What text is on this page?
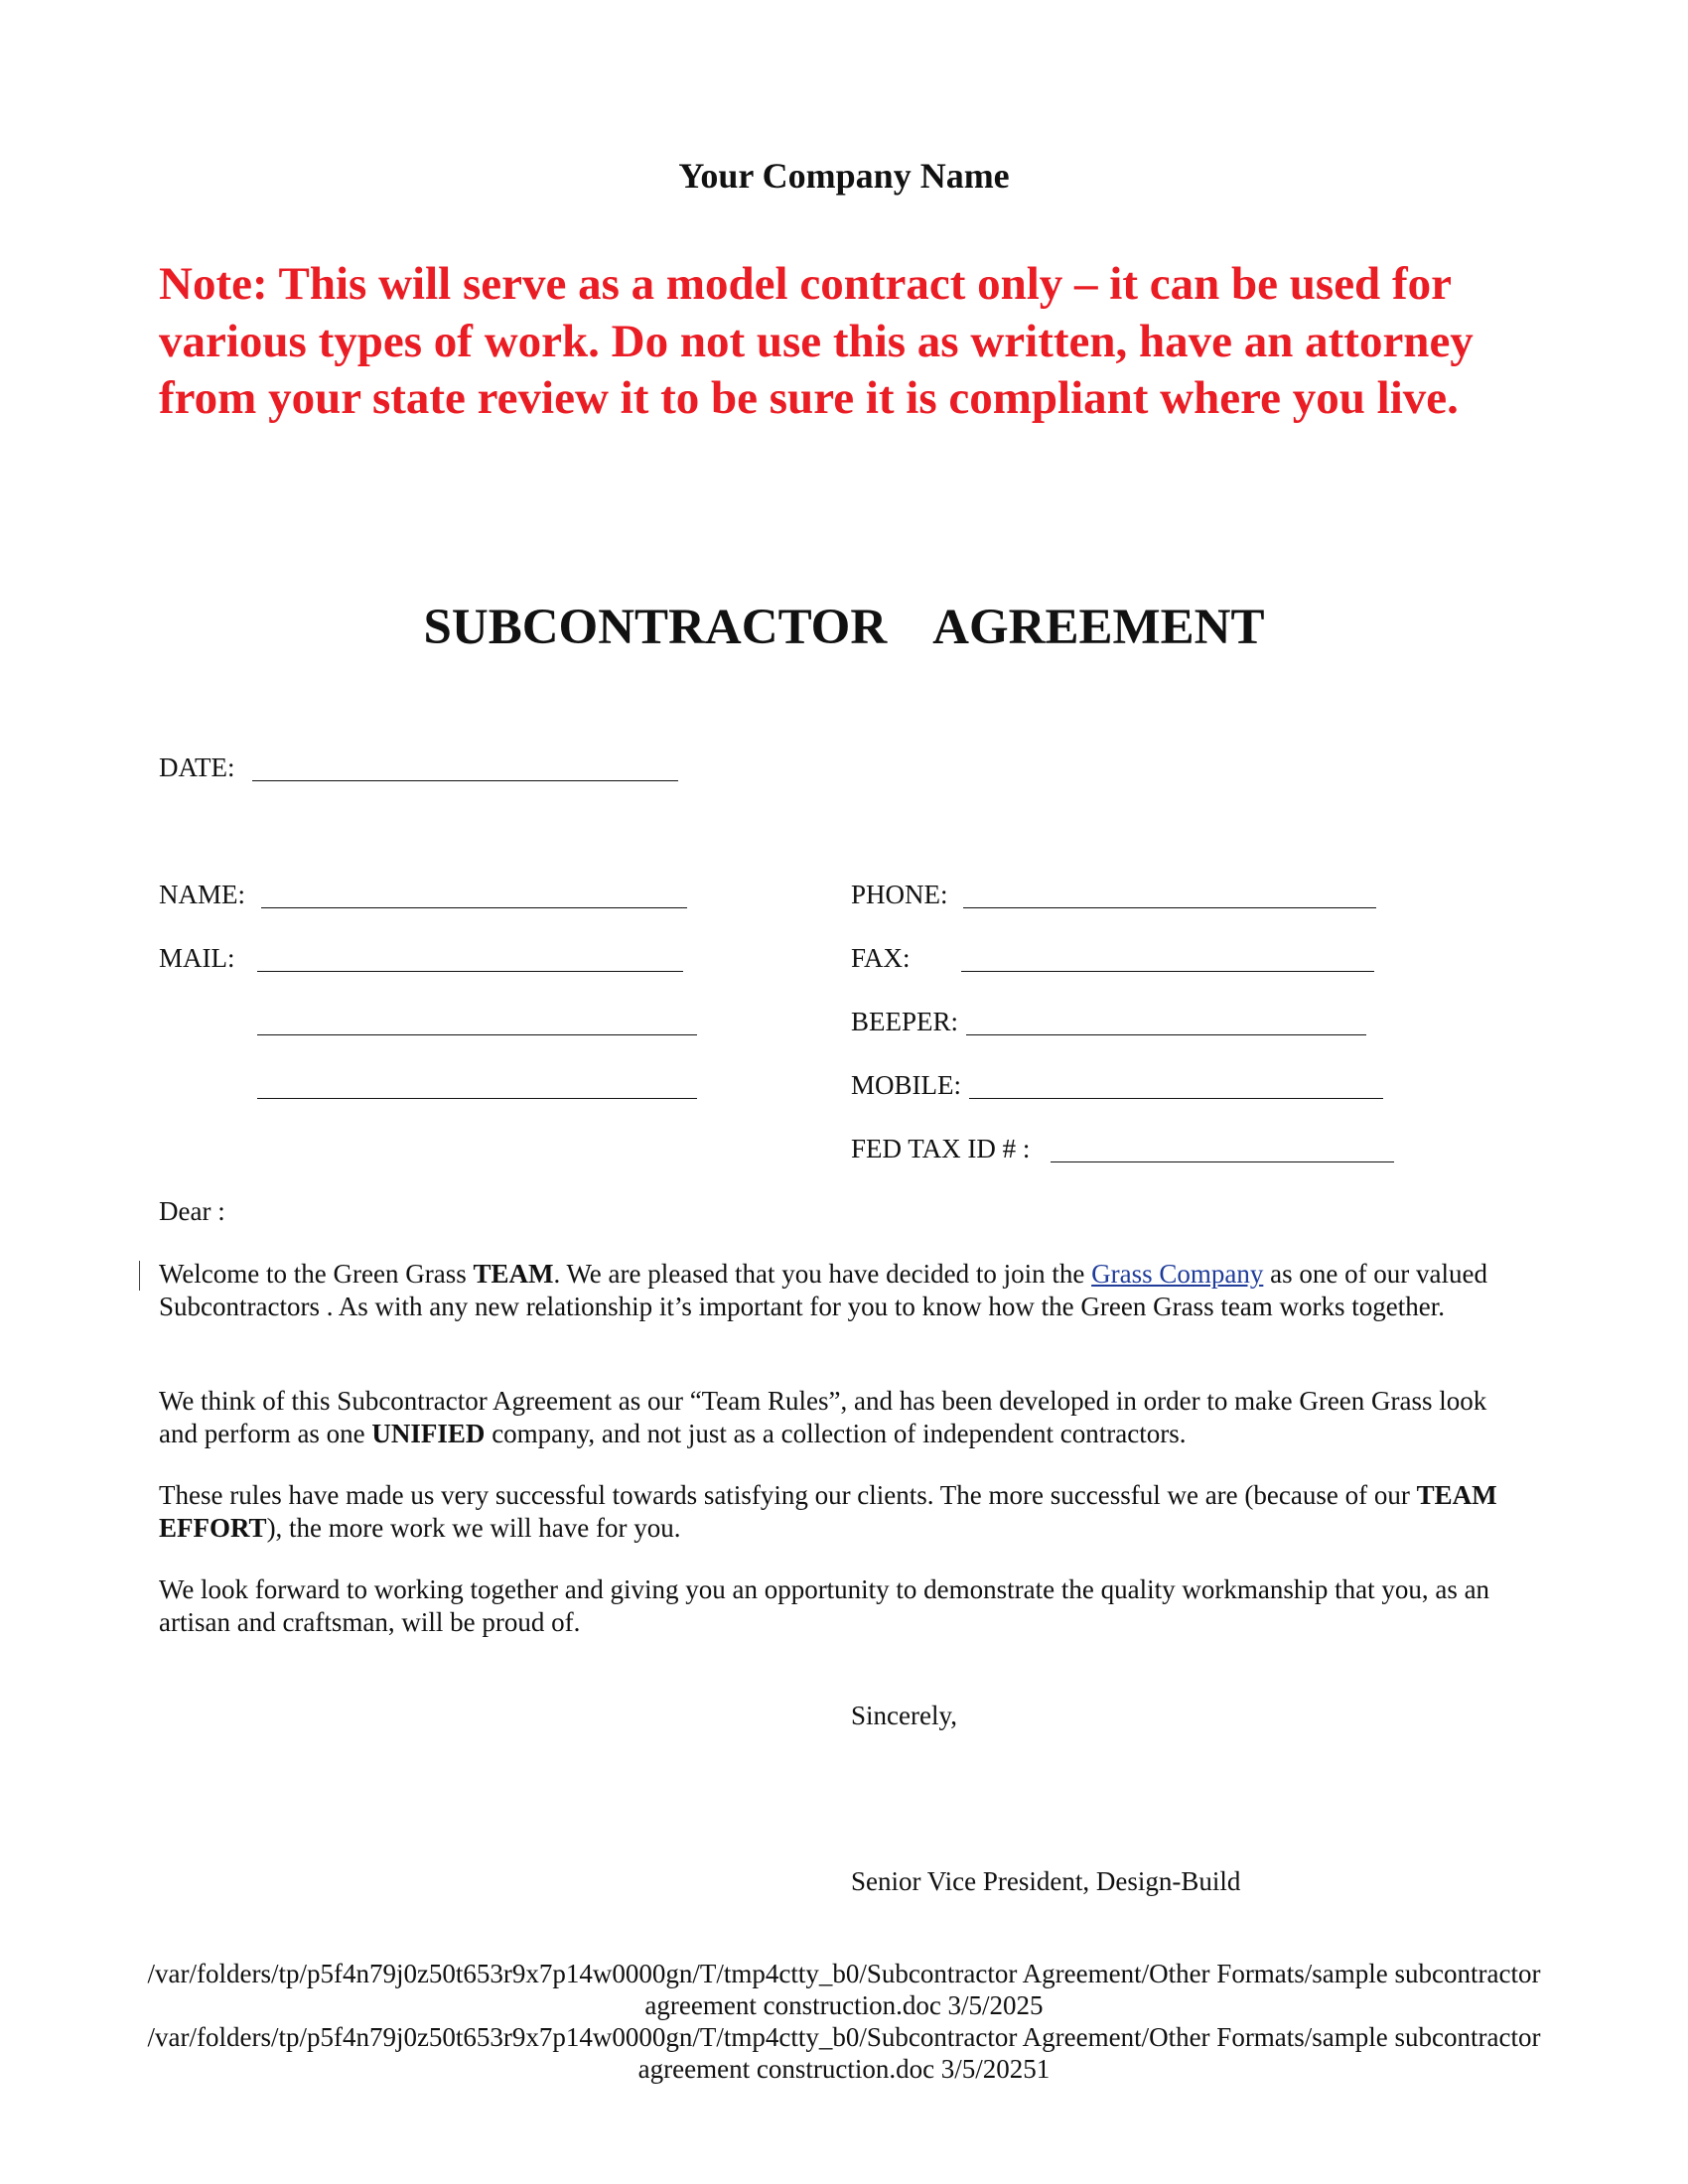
Your Company Name
Note: This will serve as a model contract only – it can be used for various types of work. Do not use this as written, have an attorney from your state review it to be sure it is compliant where you live.
SUBCONTRACTOR AGREEMENT
DATE:
NAME:
MAIL:
PHONE:
FAX:
BEEPER:
MOBILE:
FED TAX ID # :
Dear :
Welcome to the Green Grass TEAM. We are pleased that you have decided to join the Grass Company as one of our valued Subcontractors . As with any new relationship it’s important for you to know how the Green Grass team works together.
We think of this Subcontractor Agreement as our “Team Rules”, and has been developed in order to make Green Grass look and perform as one UNIFIED company, and not just as a collection of independent contractors.
These rules have made us very successful towards satisfying our clients. The more successful we are (because of our TEAM EFFORT), the more work we will have for you.
We look forward to working together and giving you an opportunity to demonstrate the quality workmanship that you, as an artisan and craftsman, will be proud of.
Sincerely,
Senior Vice President, Design-Build
/var/folders/tp/p5f4n79j0z50t653r9x7p14w0000gn/T/tmp4ctty_b0/Subcontractor Agreement/Other Formats/sample subcontractor agreement construction.doc 3/5/2025
/var/folders/tp/p5f4n79j0z50t653r9x7p14w0000gn/T/tmp4ctty_b0/Subcontractor Agreement/Other Formats/sample subcontractor agreement construction.doc 3/5/20251
